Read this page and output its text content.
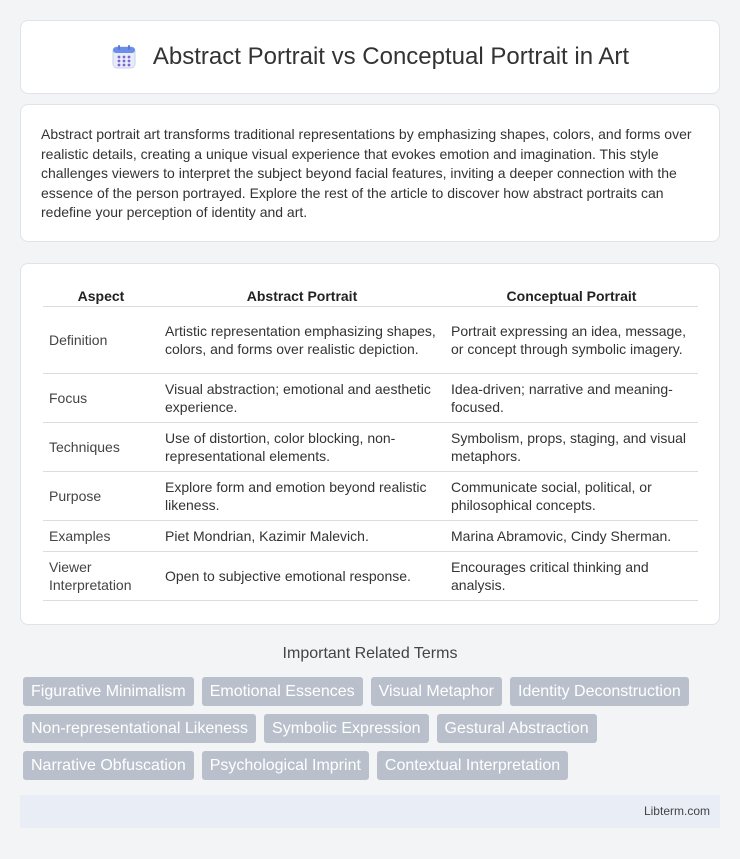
Abstract Portrait vs Conceptual Portrait in Art

Abstract portrait art transforms traditional representations by emphasizing shapes, colors, and forms over realistic details, creating a unique visual experience that evokes emotion and imagination. This style challenges viewers to interpret the subject beyond facial features, inviting a deeper connection with the essence of the person portrayed. Explore the rest of the article to discover how abstract portraits can redefine your perception of identity and art.

Aspect	Abstract Portrait	Conceptual Portrait
Definition	Artistic representation emphasizing shapes, colors, and forms over realistic depiction.	Portrait expressing an idea, message, or concept through symbolic imagery.
Focus	Visual abstraction; emotional and aesthetic experience.	Idea-driven; narrative and meaning-focused.
Techniques	Use of distortion, color blocking, non-representational elements.	Symbolism, props, staging, and visual metaphors.
Purpose	Explore form and emotion beyond realistic likeness.	Communicate social, political, or philosophical concepts.
Examples	Piet Mondrian, Kazimir Malevich.	Marina Abramovic, Cindy Sherman.
Viewer Interpretation	Open to subjective emotional response.	Encourages critical thinking and analysis.
Important Related Terms
Figurative Minimalism	Emotional Essences	Visual Metaphor	Identity Deconstruction
Non-representational Likeness	Symbolic Expression	Gestural Abstraction
Narrative Obfuscation	Psychological Imprint	Contextual Interpretation
Libterm.com
